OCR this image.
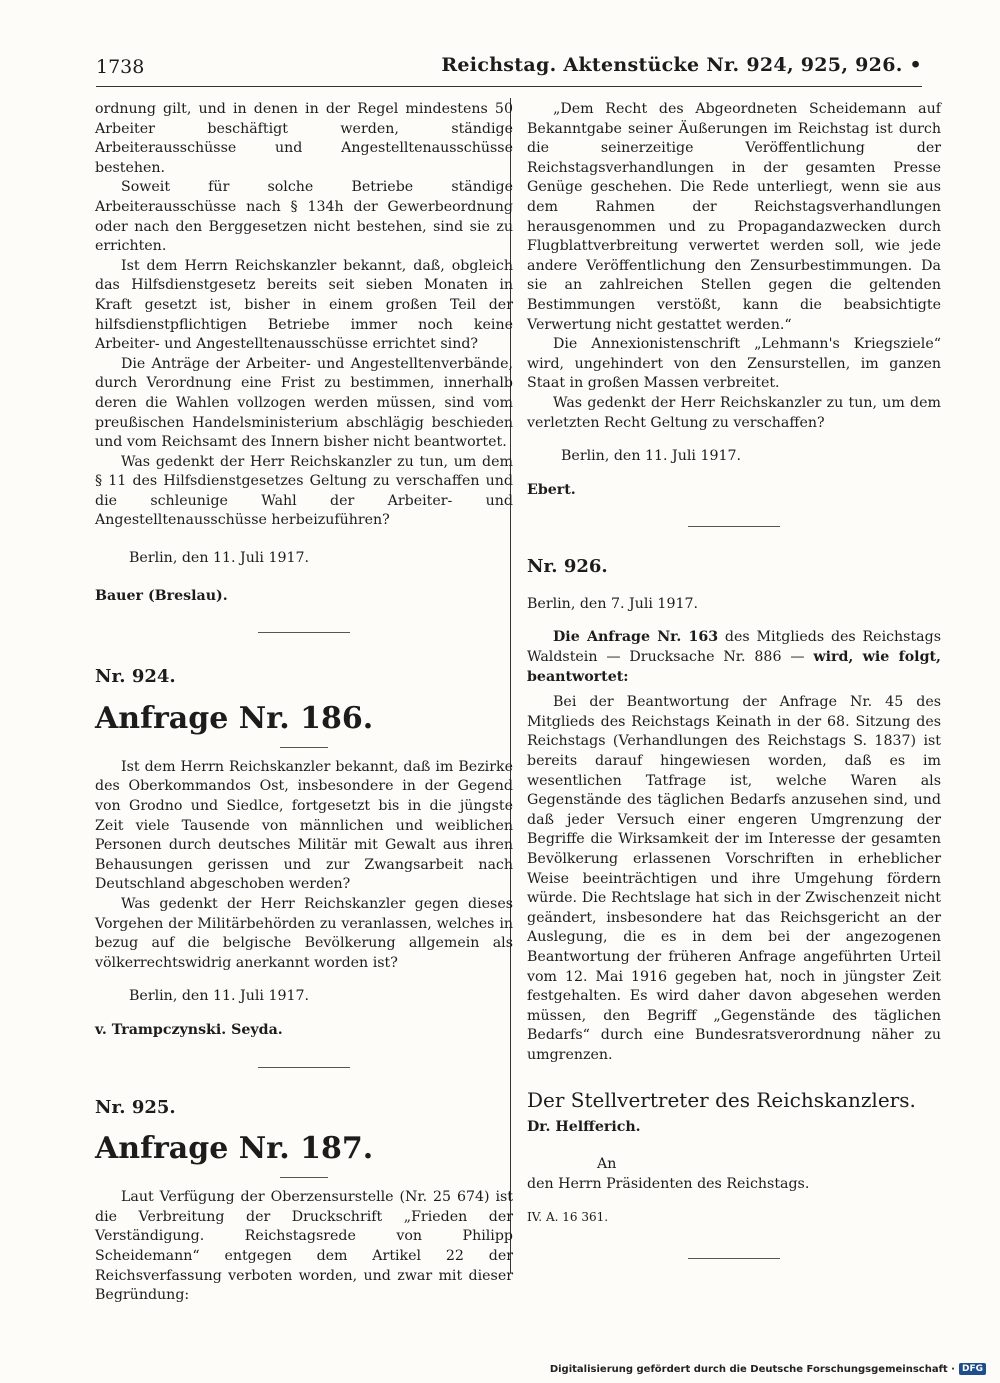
1738	Reichstag. Aktenstücke Nr. 924, 925, 926. •

ordnung gilt, und in denen in der Regel mindestens 50 Arbeiter beschäftigt werden, ständige Arbeiterausschüsse und Angestelltenausschüsse bestehen.

Soweit für solche Betriebe ständige Arbeiterausschüsse nach § 134h der Gewerbeordnung oder nach den Berggesetzen nicht bestehen, sind sie zu errichten.

Ist dem Herrn Reichskanzler bekannt, daß, obgleich das Hilfsdienstgesetz bereits seit sieben Monaten in Kraft gesetzt ist, bisher in einem großen Teil der hilfsdienstpflichtigen Betriebe immer noch keine Arbeiter- und Angestelltenausschüsse errichtet sind?

Die Anträge der Arbeiter- und Angestelltenverbände, durch Verordnung eine Frist zu bestimmen, innerhalb deren die Wahlen vollzogen werden müssen, sind vom preußischen Handelsministerium abschlägig beschieden und vom Reichsamt des Innern bisher nicht beantwortet.

Was gedenkt der Herr Reichskanzler zu tun, um dem § 11 des Hilfsdienstgesetzes Geltung zu verschaffen und die schleunige Wahl der Arbeiter- und Angestelltenausschüsse herbeizuführen?

Berlin, den 11. Juli 1917.

Bauer (Breslau).

Nr. 924.

Anfrage Nr. 186.

Ist dem Herrn Reichskanzler bekannt, daß im Bezirke des Oberkommandos Ost, insbesondere in der Gegend von Grodno und Siedlce, fortgesetzt bis in die jüngste Zeit viele Tausende von männlichen und weiblichen Personen durch deutsches Militär mit Gewalt aus ihren Behausungen gerissen und zur Zwangsarbeit nach Deutschland abgeschoben werden?

Was gedenkt der Herr Reichskanzler gegen dieses Vorgehen der Militärbehörden zu veranlassen, welches in bezug auf die belgische Bevölkerung allgemein als völkerrechtswidrig anerkannt worden ist?

Berlin, den 11. Juli 1917.

v. Trampczynski. Seyda.

Nr. 925.

Anfrage Nr. 187.

Laut Verfügung der Oberzensurstelle (Nr. 25 674) ist die Verbreitung der Druckschrift „Frieden der Verständigung. Reichstagsrede von Philipp Scheidemann“ entgegen dem Artikel 22 der Reichsverfassung verboten worden, und zwar mit dieser Begründung:

„Dem Recht des Abgeordneten Scheidemann auf Bekanntgabe seiner Äußerungen im Reichstag ist durch die seinerzeitige Veröffentlichung der Reichstagsverhandlungen in der gesamten Presse Genüge geschehen. Die Rede unterliegt, wenn sie aus dem Rahmen der Reichstagsverhandlungen herausgenommen und zu Propagandazwecken durch Flugblattverbreitung verwertet werden soll, wie jede andere Veröffentlichung den Zensurbestimmungen. Da sie an zahlreichen Stellen gegen die geltenden Bestimmungen verstößt, kann die beabsichtigte Verwertung nicht gestattet werden.“

Die Annexionistenschrift „Lehmann's Kriegsziele“ wird, ungehindert von den Zensurstellen, im ganzen Staat in großen Massen verbreitet.

Was gedenkt der Herr Reichskanzler zu tun, um dem verletzten Recht Geltung zu verschaffen?

Berlin, den 11. Juli 1917.

Ebert.

Nr. 926.

Berlin, den 7. Juli 1917.

Die Anfrage Nr. 163 des Mitglieds des Reichstags Waldstein — Drucksache Nr. 886 — wird, wie folgt, beantwortet:

Bei der Beantwortung der Anfrage Nr. 45 des Mitglieds des Reichstags Keinath in der 68. Sitzung des Reichstags (Verhandlungen des Reichstags S. 1837) ist bereits darauf hingewiesen worden, daß es im wesentlichen Tatfrage ist, welche Waren als Gegenstände des täglichen Bedarfs anzusehen sind, und daß jeder Versuch einer engeren Umgrenzung der Begriffe die Wirksamkeit der im Interesse der gesamten Bevölkerung erlassenen Vorschriften in erheblicher Weise beeinträchtigen und ihre Umgehung fördern würde. Die Rechtslage hat sich in der Zwischenzeit nicht geändert, insbesondere hat das Reichsgericht an der Auslegung, die es in dem bei der angezogenen Beantwortung der früheren Anfrage angeführten Urteil vom 12. Mai 1916 gegeben hat, noch in jüngster Zeit festgehalten. Es wird daher davon abgesehen werden müssen, den Begriff „Gegenstände des täglichen Bedarfs“ durch eine Bundesratsverordnung näher zu umgrenzen.

Der Stellvertreter des Reichskanzlers.

Dr. Helfferich.

An

den Herrn Präsidenten des Reichstags.

IV. A. 16 361.

Digitalisierung gefördert durch die Deutsche Forschungsgemeinschaft · DFG
